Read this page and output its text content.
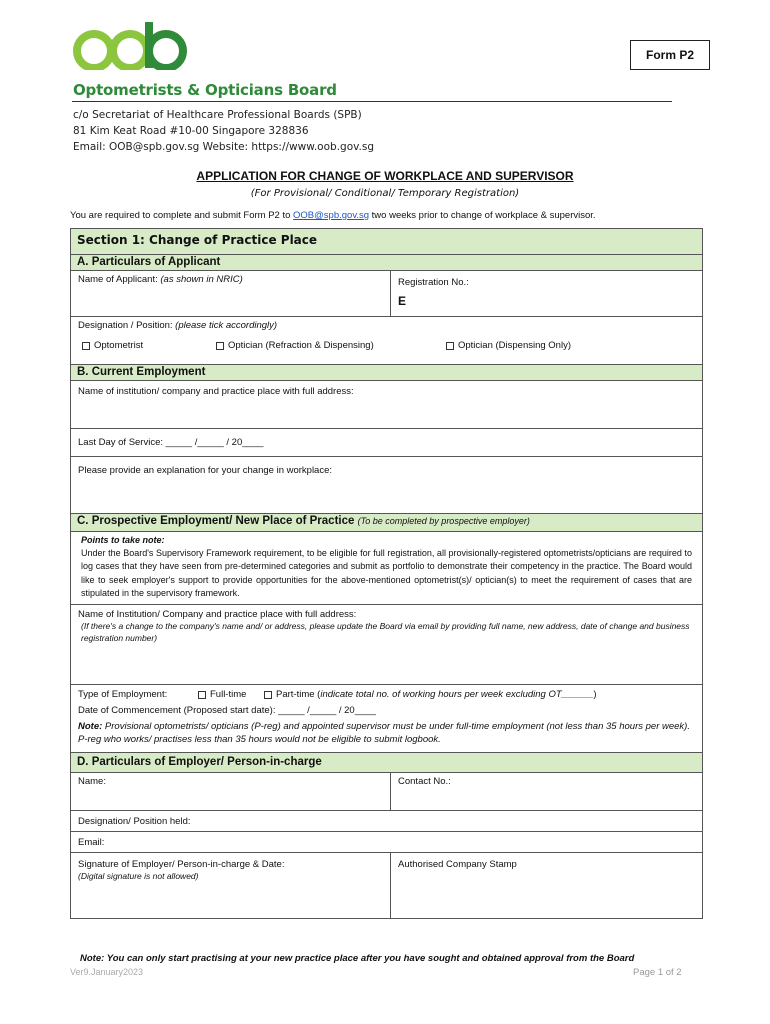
Optometrists & Opticians Board
c/o Secretariat of Healthcare Professional Boards (SPB)
81 Kim Keat Road #10-00 Singapore 328836
Email: OOB@spb.gov.sg Website: https://www.oob.gov.sg
Form P2
APPLICATION FOR CHANGE OF WORKPLACE AND SUPERVISOR
(For Provisional/ Conditional/ Temporary Registration)
You are required to complete and submit Form P2 to OOB@spb.gov.sg two weeks prior to change of workplace & supervisor.
Section 1: Change of Practice Place
A. Particulars of Applicant
Name of Applicant: (as shown in NRIC)	Registration No.:
E
Designation / Position: (please tick accordingly)
Optometrist	Optician (Refraction & Dispensing)	Optician (Dispensing Only)
B. Current Employment
Name of institution/ company and practice place with full address:
Last Day of Service: _____ /_____ / 20____
Please provide an explanation for your change in workplace:
C. Prospective Employment/ New Place of Practice (To be completed by prospective employer)
Points to take note:
Under the Board's Supervisory Framework requirement, to be eligible for full registration, all provisionally-registered optometrists/opticians are required to log cases that they have seen from pre-determined categories and submit as portfolio to demonstrate their competency in the practice. The Board would like to seek employer's support to provide opportunities for the above-mentioned optometrist(s)/ optician(s) to meet the requirement of cases that are stipulated in the supervisory framework.
Name of Institution/ Company and practice place with full address:
(If there's a change to the company's name and/ or address, please update the Board via email by providing full name, new address, date of change and business registration number)
Type of Employment:	Full-time	Part-time ( indicate total no. of working hours per week excluding OT______ )
Date of Commencement (Proposed start date): _____ /_____ / 20____
Note: Provisional optometrists/ opticians (P-reg) and appointed supervisor must be under full-time employment (not less than 35 hours per week). P-reg who works/ practises less than 35 hours would not be eligible to submit logbook.
D. Particulars of Employer/ Person-in-charge
Name:	Contact No.:
Designation/ Position held:
Email:
Signature of Employer/ Person-in-charge & Date:
(Digital signature is not allowed)
Authorised Company Stamp
Note: You can only start practising at your new practice place after you have sought and obtained approval from the Board
Ver9.January2023	Page 1 of 2
